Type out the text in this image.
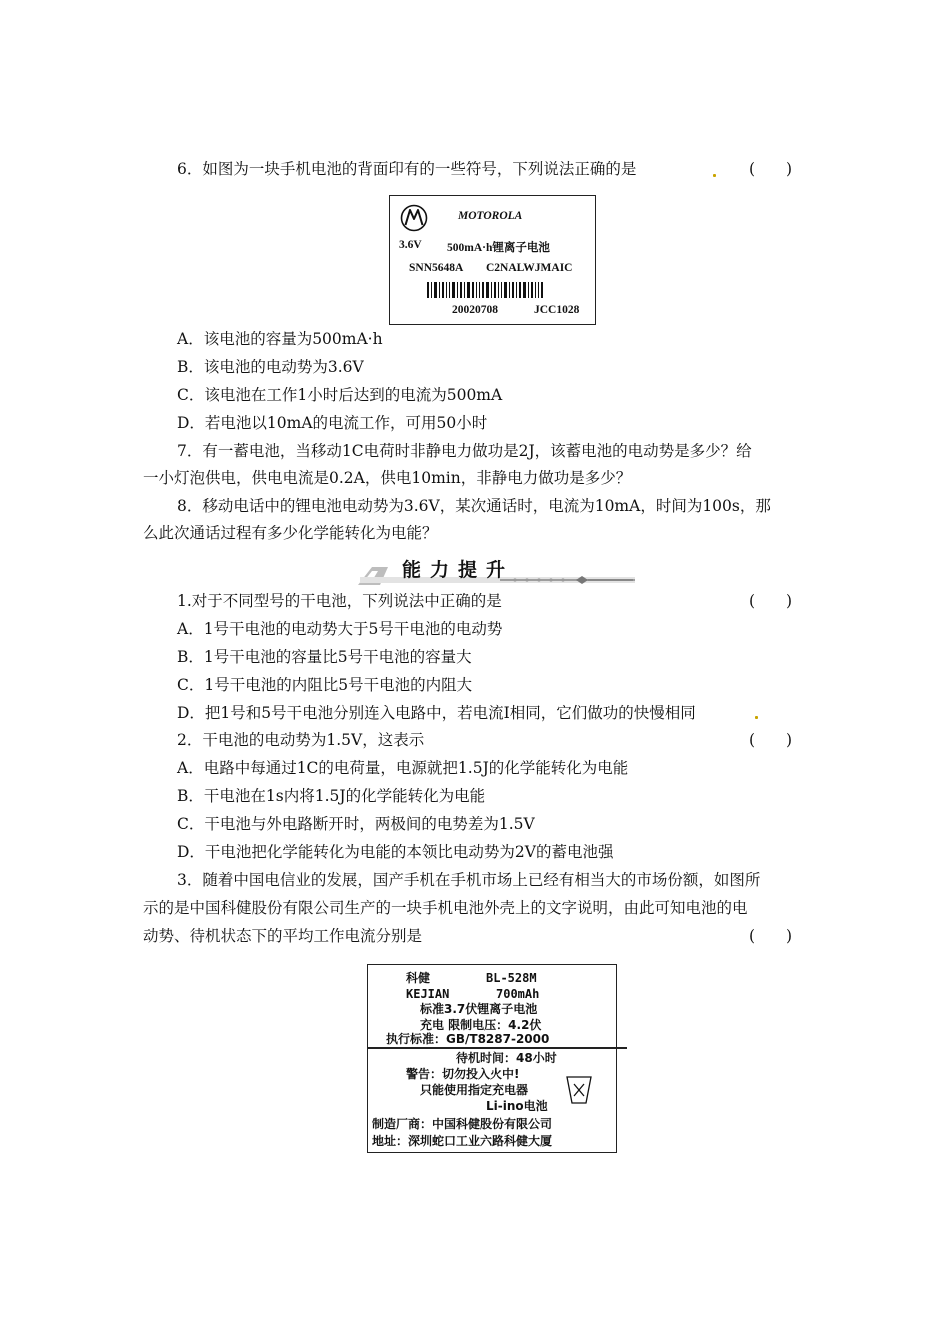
6．如图为一块手机电池的背面印有的一些符号，下列说法正确的是	(　　)
MOTOROLA
3.6V 500mA·h锂离子电池
SNN5648A C2NALWJMAIC
20020708	JCC1028
A．该电池的容量为500mA·h
B．该电池的电动势为3.6V
C．该电池在工作1小时后达到的电流为500mA
D．若电池以10mA的电流工作，可用50小时
7．有一蓄电池，当移动1C电荷时非静电力做功是2J，该蓄电池的电动势是多少？给
一小灯泡供电，供电电流是0.2A，供电10min，非静电力做功是多少？
8．移动电话中的锂电池电动势为3.6V，某次通话时，电流为10mA，时间为100s，那
么此次通话过程有多少化学能转化为电能？
能力提升
1.对于不同型号的干电池，下列说法中正确的是	(　　)
A．1号干电池的电动势大于5号干电池的电动势
B．1号干电池的容量比5号干电池的容量大
C．1号干电池的内阻比5号干电池的内阻大
D．把1号和5号干电池分别连入电路中，若电流I相同，它们做功的快慢相同
2．干电池的电动势为1.5V，这表示	(　　)
A．电路中每通过1C的电荷量，电源就把1.5J的化学能转化为电能
B．干电池在1s内将1.5J的化学能转化为电能
C．干电池与外电路断开时，两极间的电势差为1.5V
D．干电池把化学能转化为电能的本领比电动势为2V的蓄电池强
3．随着中国电信业的发展，国产手机在手机市场上已经有相当大的市场份额，如图所
示的是中国科健股份有限公司生产的一块手机电池外壳上的文字说明，由此可知电池的电
动势、待机状态下的平均工作电流分别是	(　　)
科健	BL-528M
KEJIAN	700mAh
标准3.7伏锂离子电池
充电 限制电压：4.2伏
执行标准：GB/T8287-2000
待机时间：48小时
警告：切勿投入火中!
只能使用指定充电器
Li-ino电池
制造厂商：中国科健股份有限公司
地址：深圳蛇口工业六路科健大厦
